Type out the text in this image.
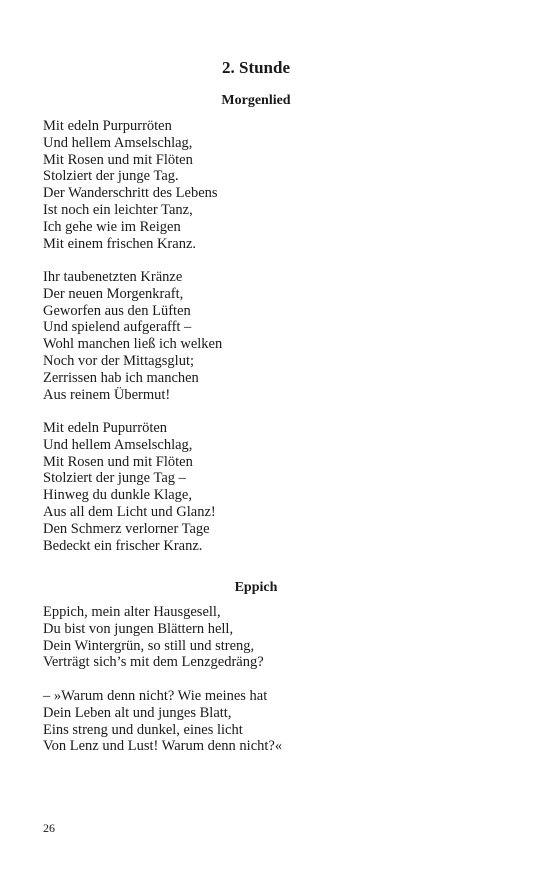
2. Stunde
Morgenlied
Mit edeln Purpurröten
Und hellem Amselschlag,
Mit Rosen und mit Flöten
Stolziert der junge Tag.
Der Wanderschritt des Lebens
Ist noch ein leichter Tanz,
Ich gehe wie im Reigen
Mit einem frischen Kranz.
Ihr taubenetzten Kränze
Der neuen Morgenkraft,
Geworfen aus den Lüften
Und spielend aufgerafft –
Wohl manchen ließ ich welken
Noch vor der Mittagsglut;
Zerrissen hab ich manchen
Aus reinem Übermut!
Mit edeln Pupurröten
Und hellem Amselschlag,
Mit Rosen und mit Flöten
Stolziert der junge Tag –
Hinweg du dunkle Klage,
Aus all dem Licht und Glanz!
Den Schmerz verlorner Tage
Bedeckt ein frischer Kranz.
Eppich
Eppich, mein alter Hausgesell,
Du bist von jungen Blättern hell,
Dein Wintergrün, so still und streng,
Verträgt sich’s mit dem Lenzgedräng?
– »Warum denn nicht? Wie meines hat
Dein Leben alt und junges Blatt,
Eins streng und dunkel, eines licht
Von Lenz und Lust! Warum denn nicht?«

26
